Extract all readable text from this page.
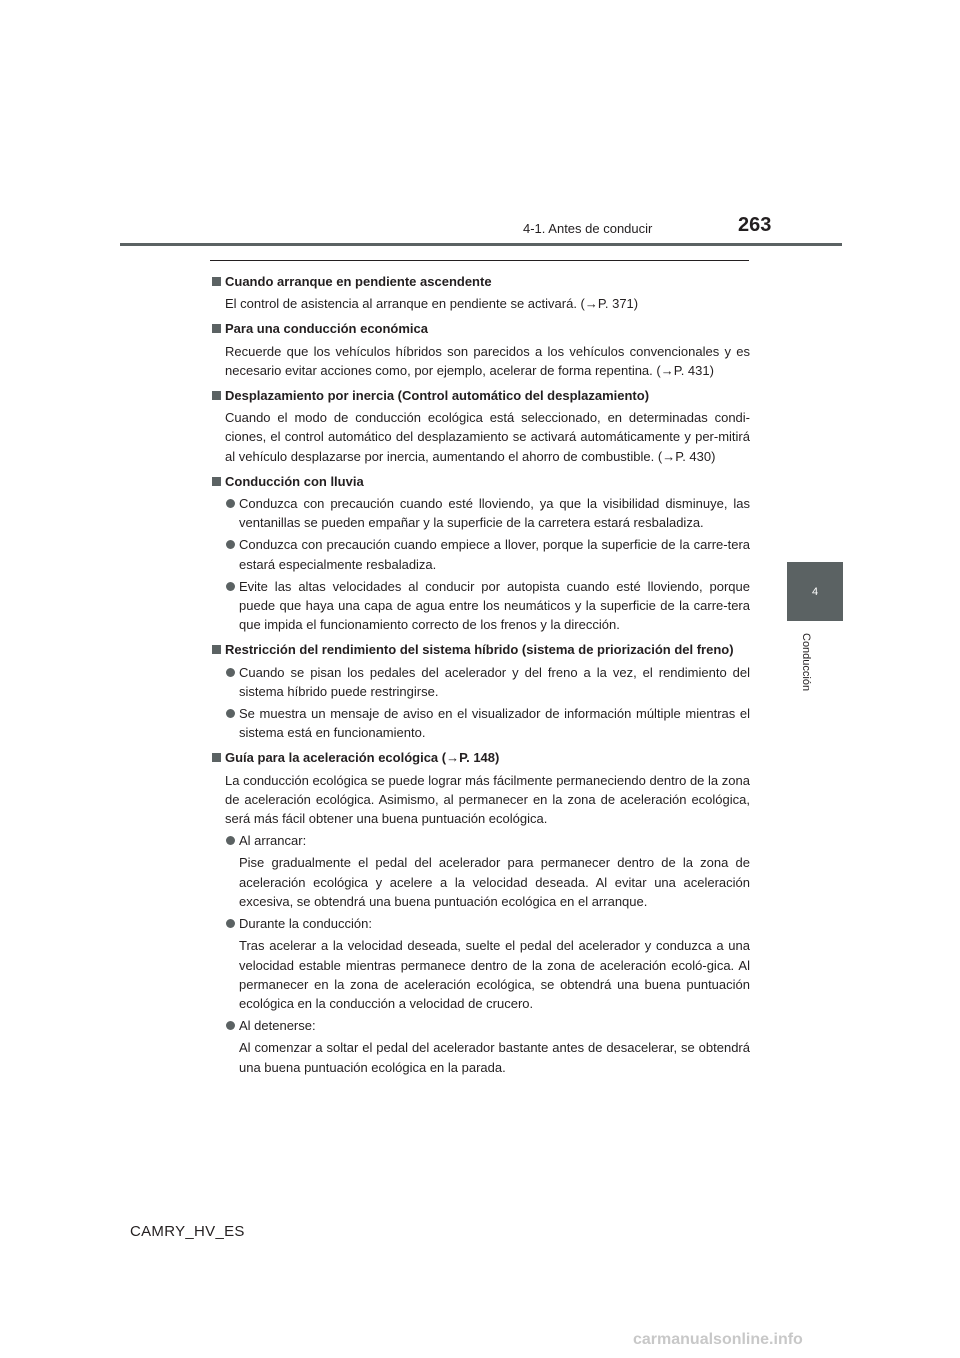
4-1. Antes de conducir	263
4
Conducción
Cuando arranque en pendiente ascendente
El control de asistencia al arranque en pendiente se activará. (→P. 371)
Para una conducción económica
Recuerde que los vehículos híbridos son parecidos a los vehículos convencionales y es necesario evitar acciones como, por ejemplo, acelerar de forma repentina. (→P. 431)
Desplazamiento por inercia (Control automático del desplazamiento)
Cuando el modo de conducción ecológica está seleccionado, en determinadas condi-ciones, el control automático del desplazamiento se activará automáticamente y per-mitirá al vehículo desplazarse por inercia, aumentando el ahorro de combustible. (→P. 430)
Conducción con lluvia
Conduzca con precaución cuando esté lloviendo, ya que la visibilidad disminuye, las ventanillas se pueden empañar y la superficie de la carretera estará resbaladiza.
Conduzca con precaución cuando empiece a llover, porque la superficie de la carre-tera estará especialmente resbaladiza.
Evite las altas velocidades al conducir por autopista cuando esté lloviendo, porque puede que haya una capa de agua entre los neumáticos y la superficie de la carre-tera que impida el funcionamiento correcto de los frenos y la dirección.
Restricción del rendimiento del sistema híbrido (sistema de priorización del freno)
Cuando se pisan los pedales del acelerador y del freno a la vez, el rendimiento del sistema híbrido puede restringirse.
Se muestra un mensaje de aviso en el visualizador de información múltiple mientras el sistema está en funcionamiento.
Guía para la aceleración ecológica (→P. 148)
La conducción ecológica se puede lograr más fácilmente permaneciendo dentro de la zona de aceleración ecológica. Asimismo, al permanecer en la zona de aceleración ecológica, será más fácil obtener una buena puntuación ecológica.
Al arrancar:
Pise gradualmente el pedal del acelerador para permanecer dentro de la zona de aceleración ecológica y acelere a la velocidad deseada. Al evitar una aceleración excesiva, se obtendrá una buena puntuación ecológica en el arranque.
Durante la conducción:
Tras acelerar a la velocidad deseada, suelte el pedal del acelerador y conduzca a una velocidad estable mientras permanece dentro de la zona de aceleración ecoló-gica. Al permanecer en la zona de aceleración ecológica, se obtendrá una buena puntuación ecológica en la conducción a velocidad de crucero.
Al detenerse:
Al comenzar a soltar el pedal del acelerador bastante antes de desacelerar, se obtendrá una buena puntuación ecológica en la parada.
CAMRY_HV_ES
carmanualsonline.info
